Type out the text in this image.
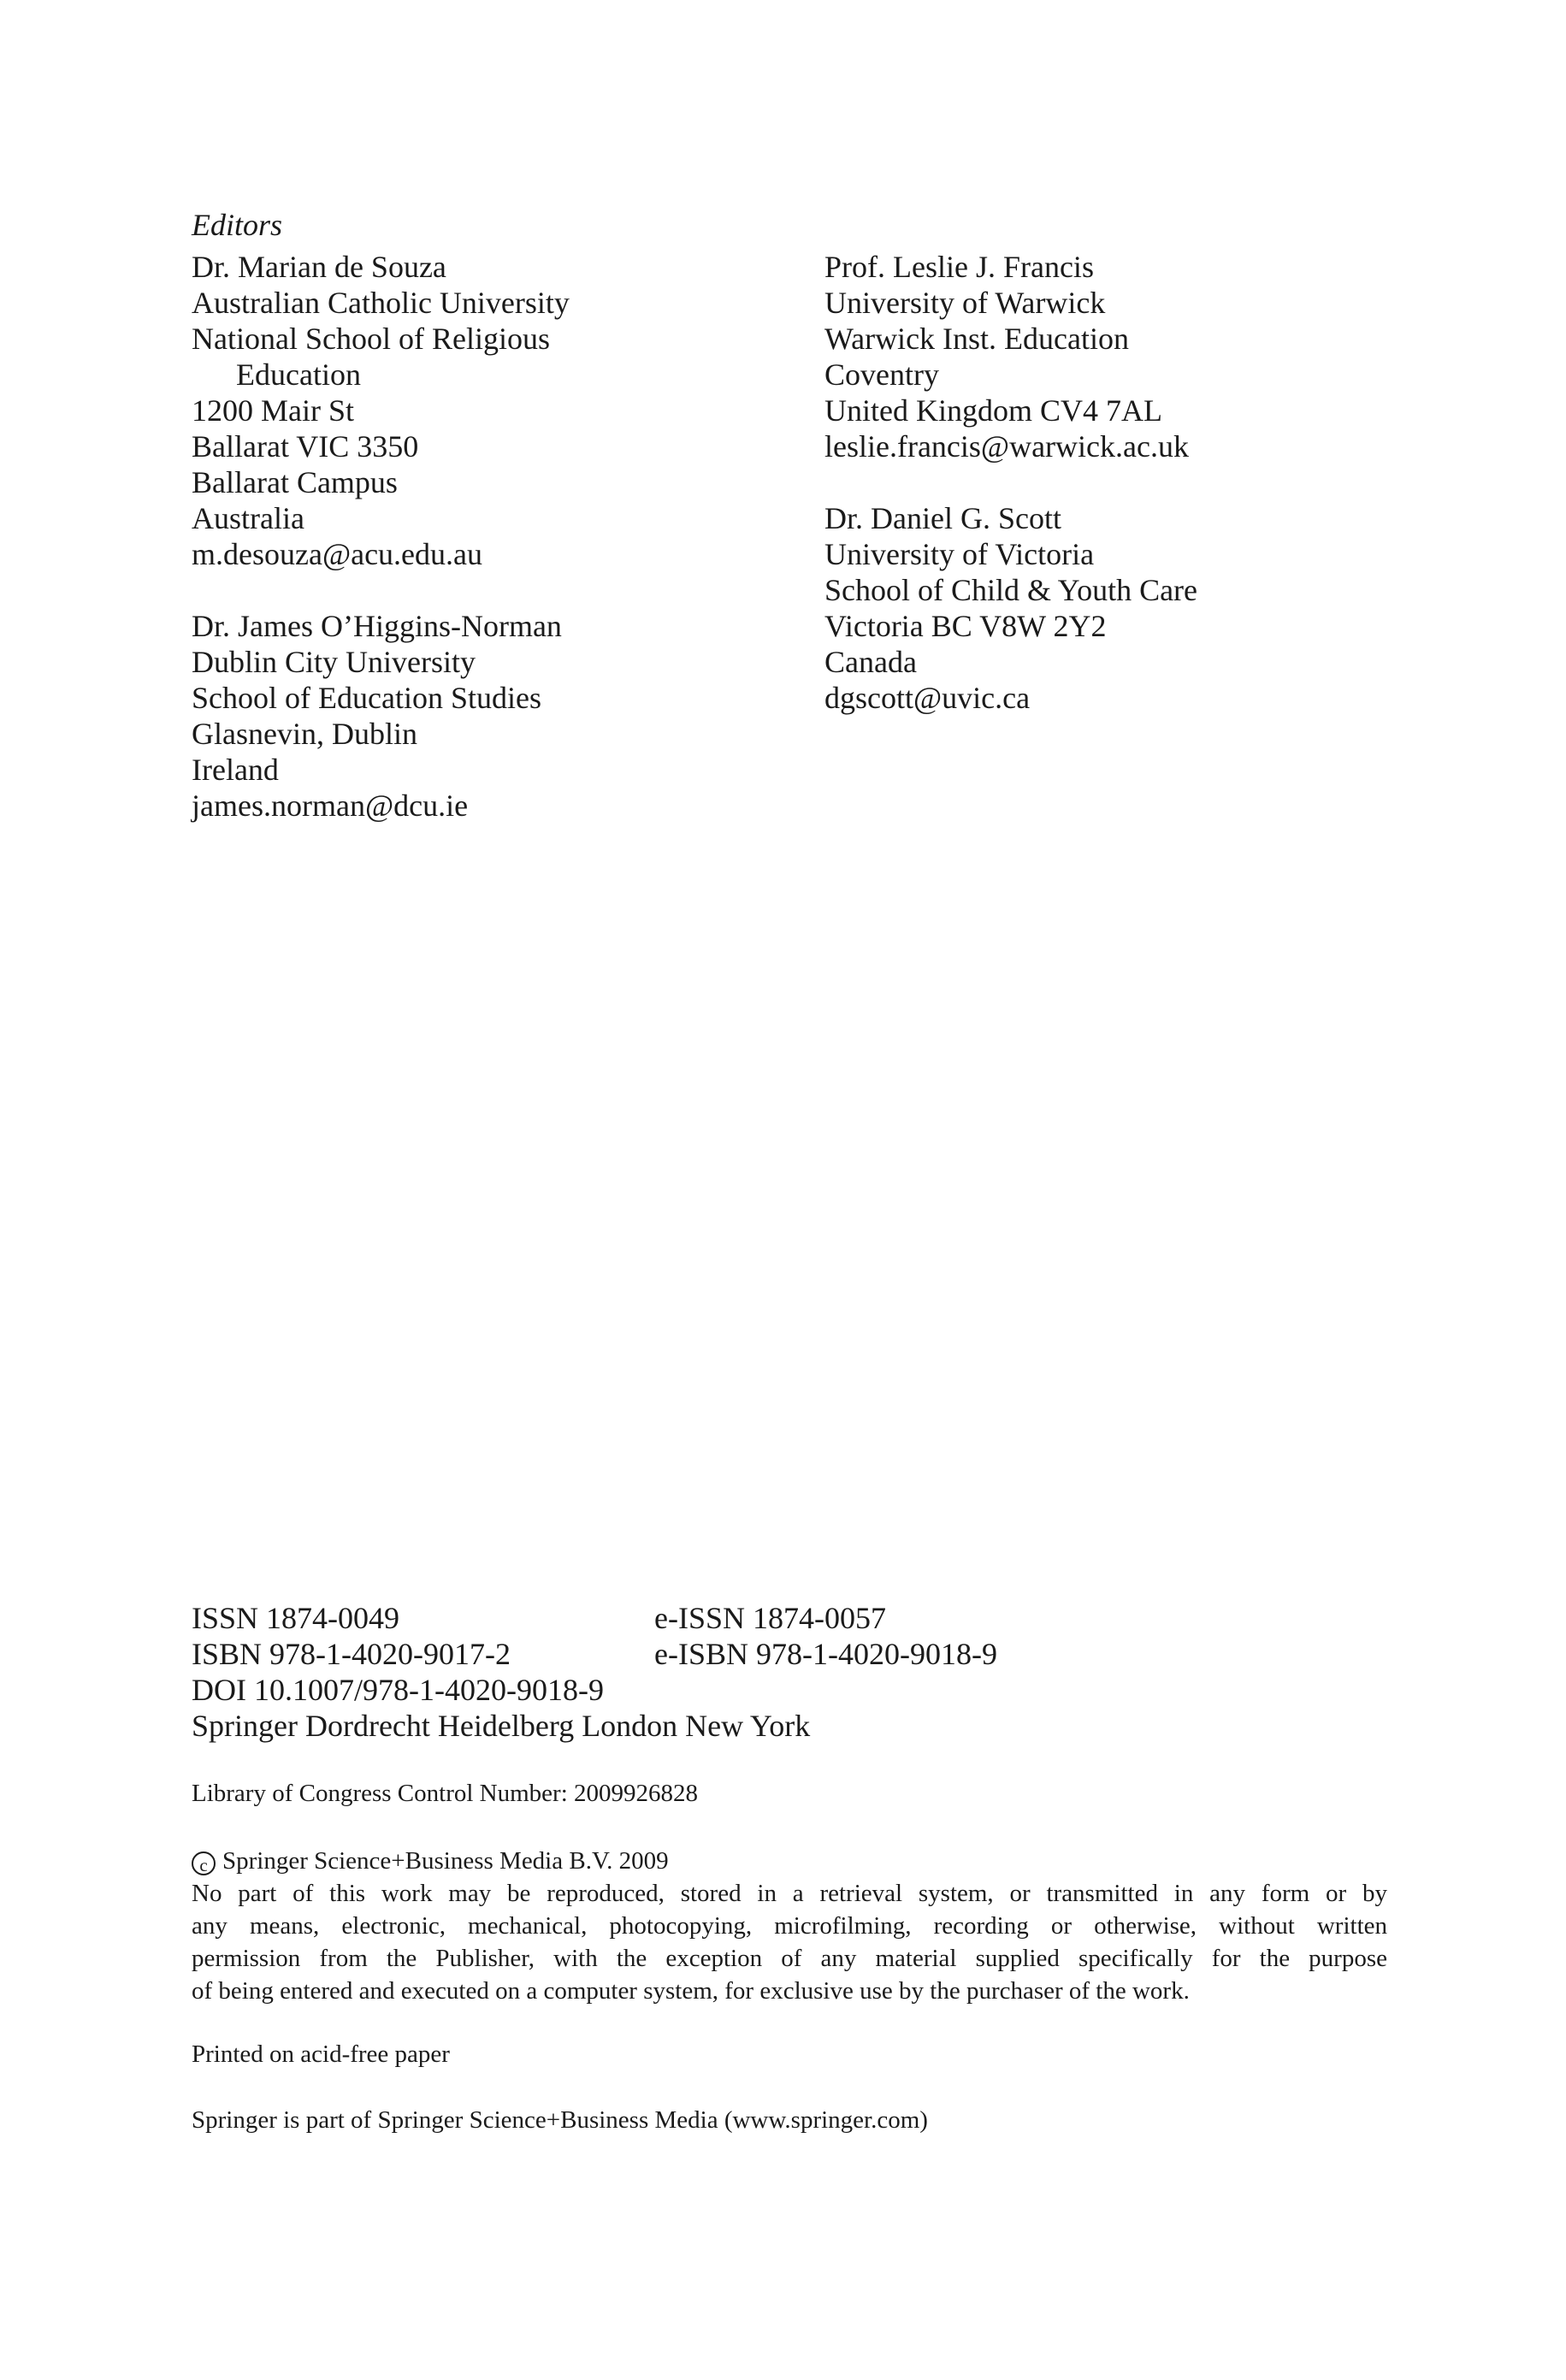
Editors
Dr. Marian de Souza
Australian Catholic University
National School of Religious
Education
1200 Mair St
Ballarat VIC 3350
Ballarat Campus
Australia
m.desouza@acu.edu.au
Dr. James O’Higgins-Norman
Dublin City University
School of Education Studies
Glasnevin, Dublin
Ireland
james.norman@dcu.ie
Prof. Leslie J. Francis
University of Warwick
Warwick Inst. Education
Coventry
United Kingdom CV4 7AL
leslie.francis@warwick.ac.uk
Dr. Daniel G. Scott
University of Victoria
School of Child & Youth Care
Victoria BC V8W 2Y2
Canada
dgscott@uvic.ca
ISSN 1874-0049	e-ISSN 1874-0057
ISBN 978-1-4020-9017-2	e-ISBN 978-1-4020-9018-9
DOI 10.1007/978-1-4020-9018-9
Springer Dordrecht Heidelberg London New York
Library of Congress Control Number: 2009926828
c Springer Science+Business Media B.V. 2009
No part of this work may be reproduced, stored in a retrieval system, or transmitted in any form or by
any means, electronic, mechanical, photocopying, microfilming, recording or otherwise, without written
permission from the Publisher, with the exception of any material supplied specifically for the purpose
of being entered and executed on a computer system, for exclusive use by the purchaser of the work.
Printed on acid-free paper
Springer is part of Springer Science+Business Media (www.springer.com)
